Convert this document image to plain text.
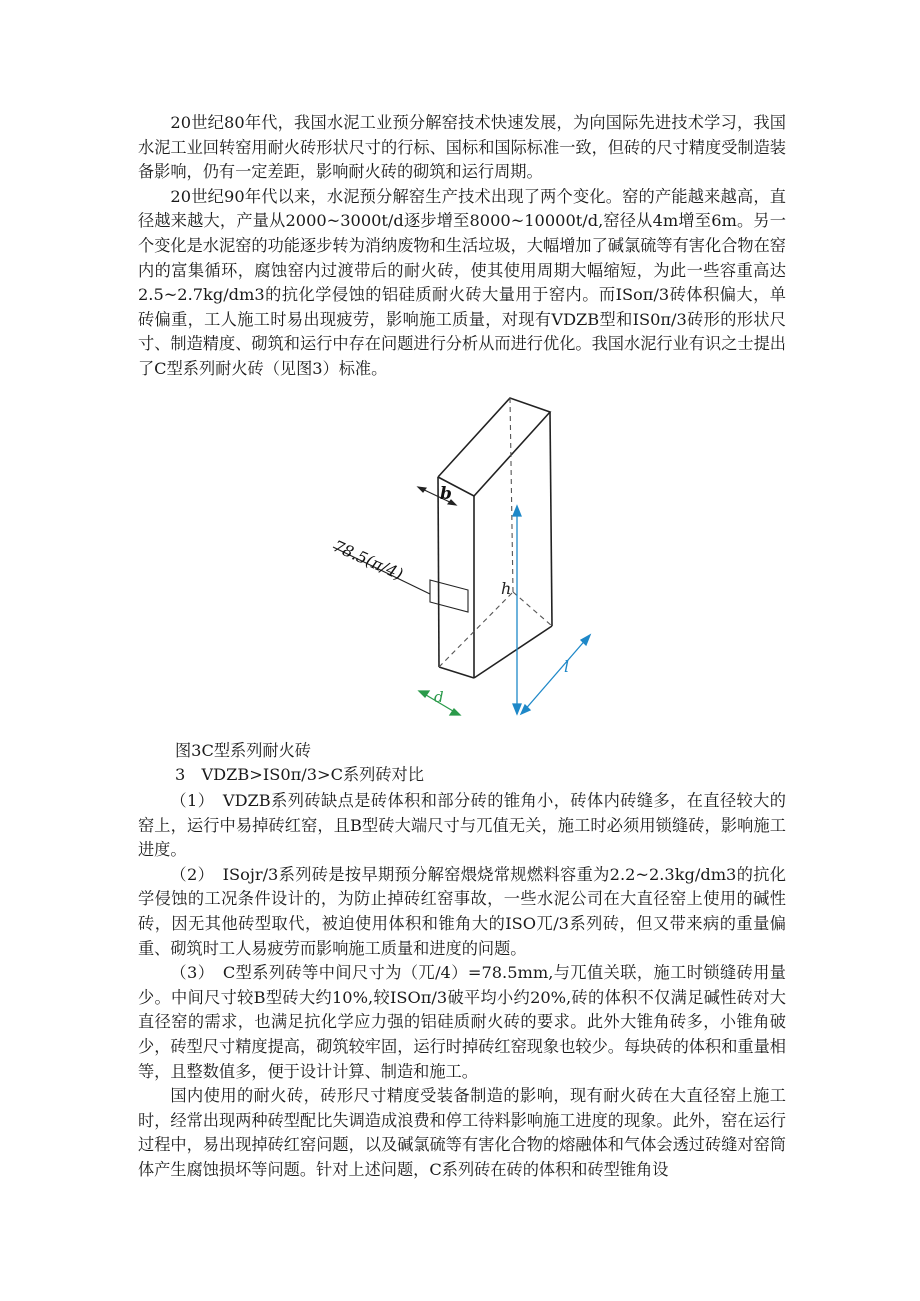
20世纪80年代，我国水泥工业预分解窑技术快速发展，为向国际先进技术学习，我国水泥工业回转窑用耐火砖形状尺寸的行标、国标和国际标准一致，但砖的尺寸精度受制造装备影响，仍有一定差距，影响耐火砖的砌筑和运行周期。

20世纪90年代以来，水泥预分解窑生产技术出现了两个变化。窑的产能越来越高，直径越来越大，产量从2000~3000t/d逐步增至8000~10000t/d,窑径从4m增至6m。另一个变化是水泥窑的功能逐步转为消纳废物和生活垃圾，大幅增加了碱氯硫等有害化合物在窑内的富集循环，腐蚀窑内过渡带后的耐火砖，使其使用周期大幅缩短，为此一些容重高达2.5~2.7kg/dm3的抗化学侵蚀的铝硅质耐火砖大量用于窑内。而ISoπ/3砖体积偏大，单砖偏重，工人施工时易出现疲劳，影响施工质量，对现有VDZB型和IS0π/3砖形的形状尺寸、制造精度、砌筑和运行中存在问题进行分析从而进行优化。我国水泥行业有识之士提出了C型系列耐火砖（见图3）标准。

b
78.5(π/4)
h
l
d
图3C型系列耐火砖
3　VDZB>IS0π/3>C系列砖对比

（1）　VDZB系列砖缺点是砖体积和部分砖的锥角小，砖体内砖缝多，在直径较大的窑上，运行中易掉砖红窑，且B型砖大端尺寸与兀值无关，施工时必须用锁缝砖，影响施工进度。

（2）　ISojr/3系列砖是按早期预分解窑煨烧常规燃料容重为2.2~2.3kg/dm3的抗化学侵蚀的工况条件设计的，为防止掉砖红窑事故，一些水泥公司在大直径窑上使用的碱性砖，因无其他砖型取代，被迫使用体积和锥角大的ISO兀/3系列砖，但又带来病的重量偏重、砌筑时工人易疲劳而影响施工质量和进度的问题。

（3）　C型系列砖等中间尺寸为（兀/4）=78.5mm,与兀值关联，施工时锁缝砖用量少。中间尺寸较B型砖大约10%,较ISOπ/3破平均小约20%,砖的体积不仅满足碱性砖对大直径窑的需求，也满足抗化学应力强的铝硅质耐火砖的要求。此外大锥角砖多，小锥角破少，砖型尺寸精度提高，砌筑较牢固，运行时掉砖红窑现象也较少。每块砖的体积和重量相等，且整数值多，便于设计计算、制造和施工。

国内使用的耐火砖，砖形尺寸精度受装备制造的影响，现有耐火砖在大直径窑上施工时，经常出现两种砖型配比失调造成浪费和停工待料影响施工进度的现象。此外，窑在运行过程中，易出现掉砖红窑问题，以及碱氯硫等有害化合物的熔融体和气体会透过砖缝对窑筒体产生腐蚀损坏等问题。针对上述问题，C系列砖在砖的体积和砖型锥角设
